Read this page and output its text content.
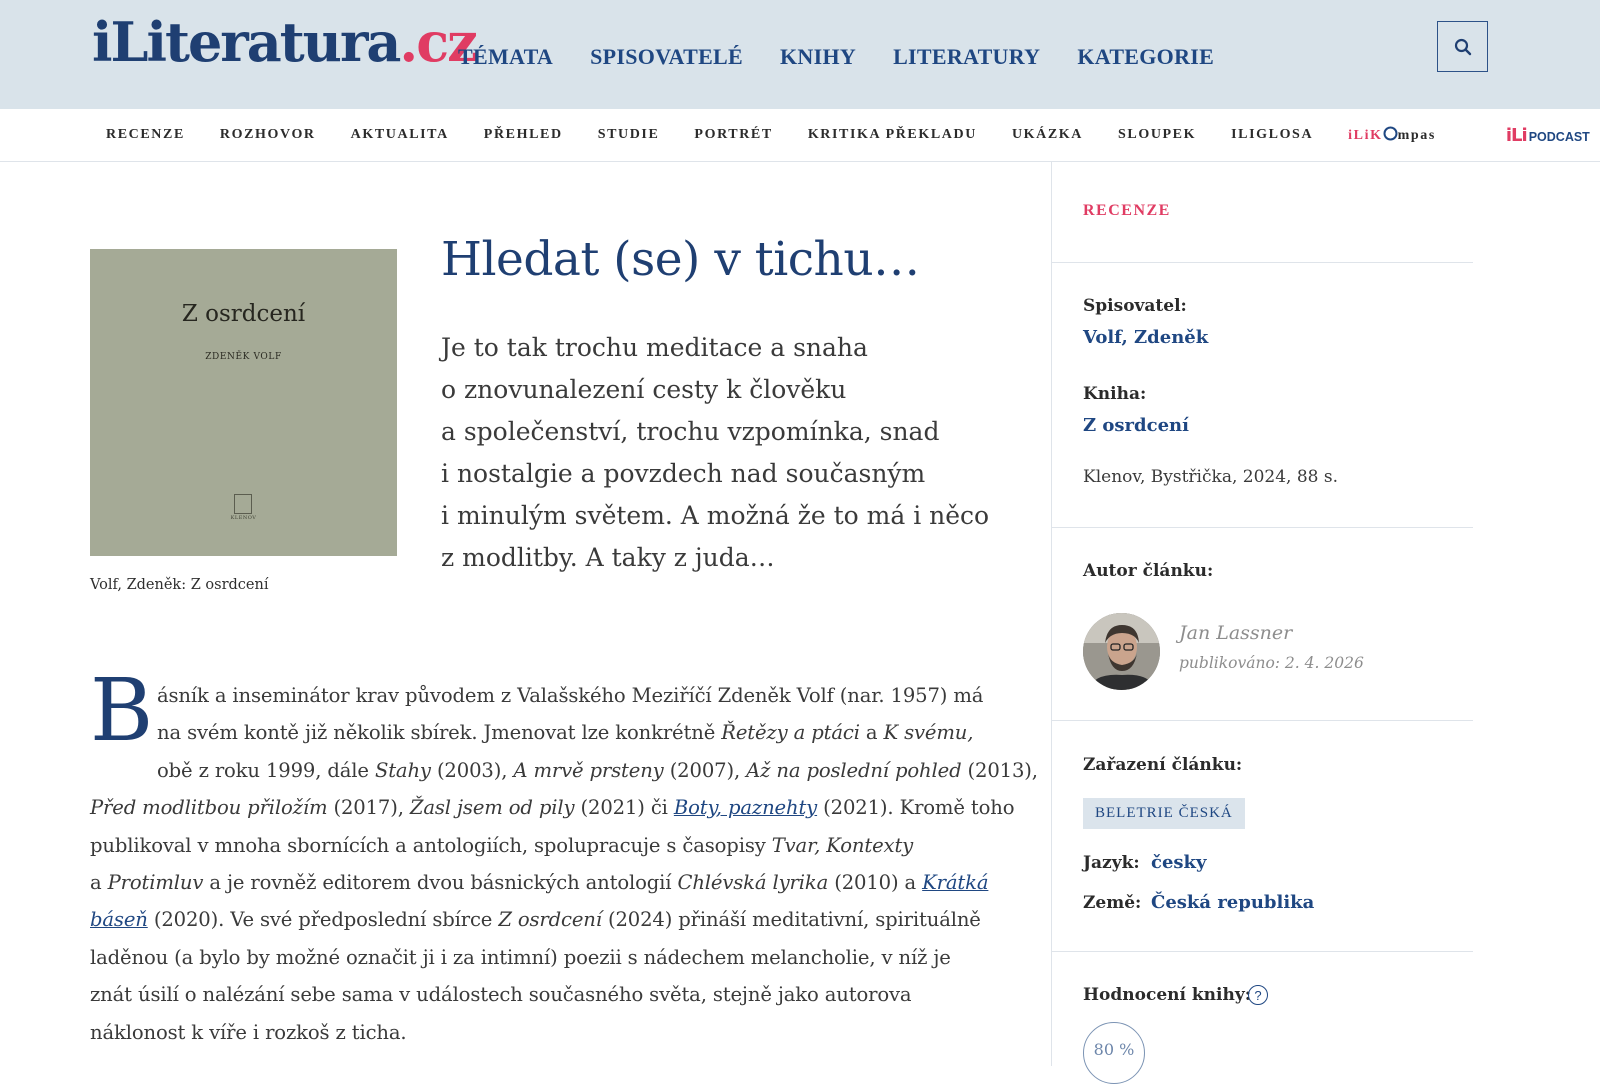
iLiteratura.cz
TÉMATA SPISOVATELÉ KNIHY LITERATURY KATEGORIE
RECENZE	ROZHOVOR	AKTUALITA	PŘEHLED	STUDIE	PORTRÉT	KRITIKA PŘEKLADU	UKÁZKA	SLOUPEK	ILIGLOSA	iLiK mpas	iLi PODCAST
Z osrdcení
ZDENĚK VOLF
KLENOV
Volf, Zdeněk: Z osrdcení
Hledat (se) v tichu…
Je to tak trochu meditace a snaha
o znovunalezení cesty k člověku
a společenství, trochu vzpomínka, snad
i nostalgie a povzdech nad současným
i minulým světem. A možná že to má i něco
z modlitby. A taky z juda…
B ásník a inseminátor krav původem z Valašského Meziříčí Zdeněk Volf (nar. 1957) má
na svém kontě již několik sbírek. Jmenovat lze konkrétně Řetězy a ptáci a K svému,
obě z roku 1999, dále Stahy (2003), A mrvě prsteny (2007), Až na poslední pohled (2013),
Před modlitbou přiložím (2017), Žasl jsem od pily (2021) či Boty, paznehty (2021). Kromě toho
publikoval v mnoha sbornících a antologiích, spolupracuje s časopisy Tvar, Kontexty
a Protimluv a je rovněž editorem dvou básnických antologií Chlévská lyrika (2010) a Krátká
báseň (2020). Ve své předposlední sbírce Z osrdcení (2024) přináší meditativní, spirituálně
laděnou (a bylo by možné označit ji i za intimní) poezii s nádechem melancholie, v níž je
znát úsilí o nalézání sebe sama v událostech současného světa, stejně jako autorova
náklonost k víře i rozkoš z ticha.
RECENZE
Spisovatel:
Volf, Zdeněk
Kniha:
Z osrdcení
Klenov, Bystřička, 2024, 88 s.
Autor článku:
Jan Lassner
publikováno: 2. 4. 2026
Zařazení článku:
BELETRIE ČESKÁ
Jazyk: česky
Země: Česká republika
Hodnocení knihy: ?
80 %
